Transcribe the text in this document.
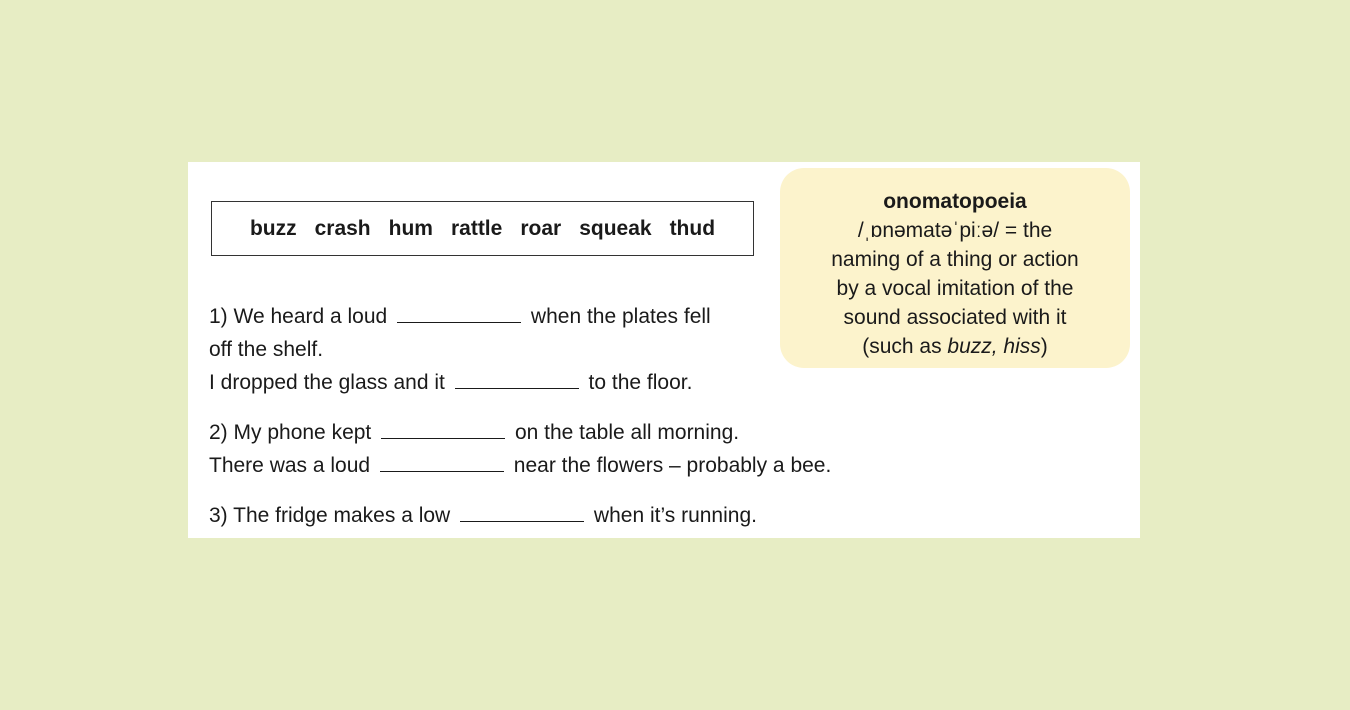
buzz crash hum rattle roar squeak thud
onomatopoeia
/ˌɒnəmatəˈpiːə/ = the
naming of a thing or action
by a vocal imitation of the
sound associated with it
(such as buzz, hiss)
1) We heard a loud	when the plates fell
off the shelf.
I dropped the glass and it	to the floor.
2) My phone kept	on the table all morning.
There was a loud	near the flowers – probably a bee.
3) The fridge makes a low	when it’s running.
